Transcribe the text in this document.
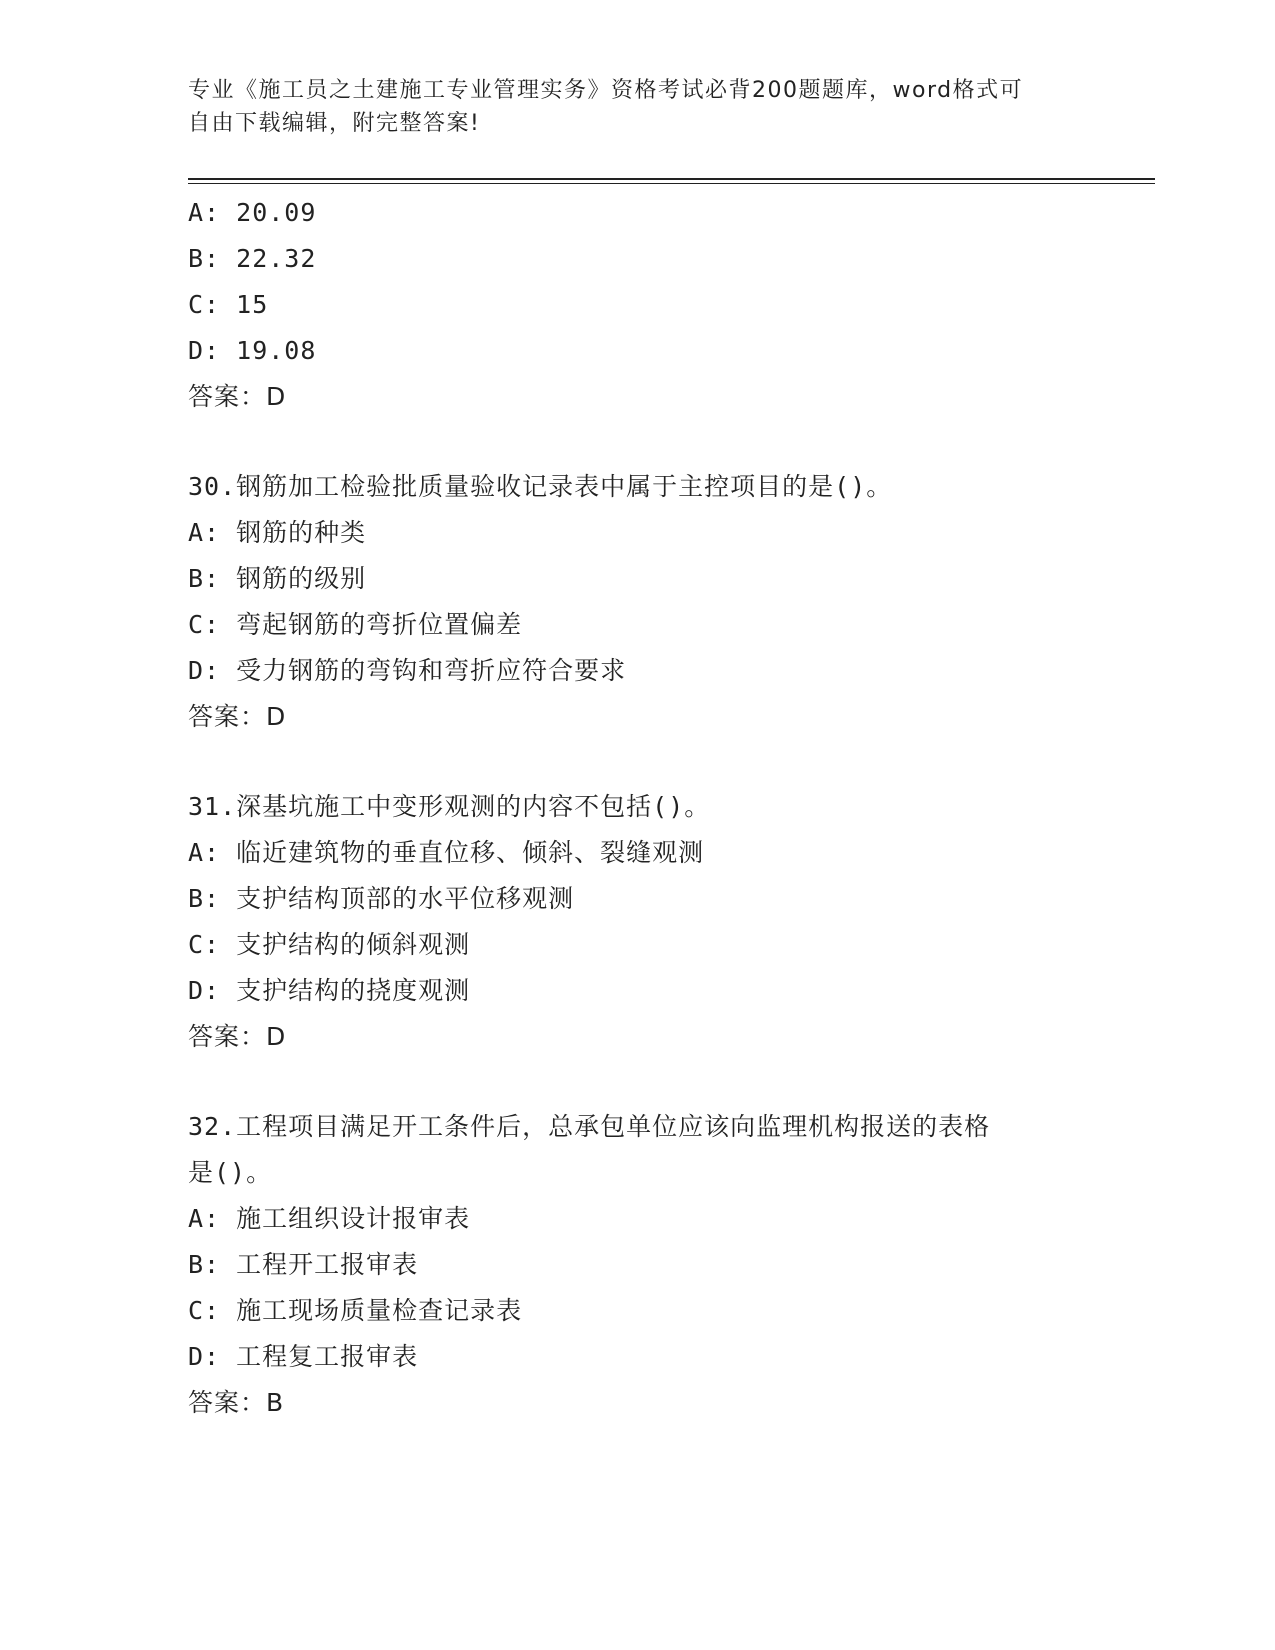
专业《施工员之土建施工专业管理实务》资格考试必背200题题库，word格式可
自由下载编辑，附完整答案!
A: 20.09
B: 22.32
C: 15
D: 19.08
答案：D
30.钢筋加工检验批质量验收记录表中属于主控项目的是()。
A: 钢筋的种类
B: 钢筋的级别
C: 弯起钢筋的弯折位置偏差
D: 受力钢筋的弯钩和弯折应符合要求
答案：D
31.深基坑施工中变形观测的内容不包括()。
A: 临近建筑物的垂直位移、倾斜、裂缝观测
B: 支护结构顶部的水平位移观测
C: 支护结构的倾斜观测
D: 支护结构的挠度观测
答案：D
32.工程项目满足开工条件后，总承包单位应该向监理机构报送的表格
是()。
A: 施工组织设计报审表
B: 工程开工报审表
C: 施工现场质量检查记录表
D: 工程复工报审表
答案：B
